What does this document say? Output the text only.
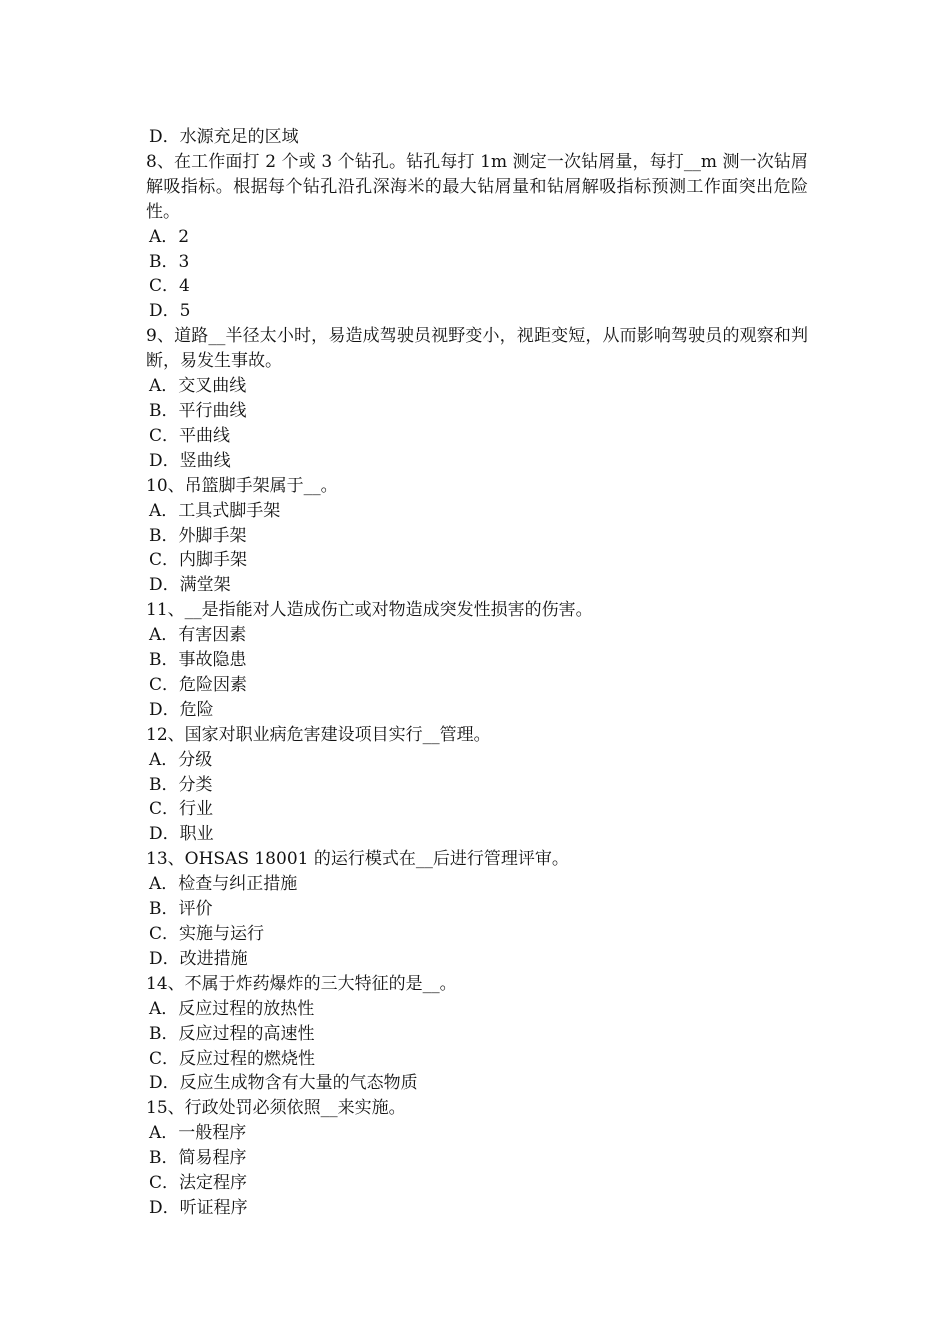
D．水源充足的区域
8、在工作面打 2 个或 3 个钻孔。钻孔每打 1m 测定一次钻屑量，每打__m 测一次钻屑解吸指标。根据每个钻孔沿孔深海米的最大钻屑量和钻屑解吸指标预测工作面突出危险性。
A．2
B．3
C．4
D．5
9、道路__半径太小时，易造成驾驶员视野变小，视距变短，从而影响驾驶员的观察和判断，易发生事故。
A．交叉曲线
B．平行曲线
C．平曲线
D．竖曲线
10、吊篮脚手架属于__。
A．工具式脚手架
B．外脚手架
C．内脚手架
D．满堂架
11、__是指能对人造成伤亡或对物造成突发性损害的伤害。
A．有害因素
B．事故隐患
C．危险因素
D．危险
12、国家对职业病危害建设项目实行__管理。
A．分级
B．分类
C．行业
D．职业
13、OHSAS 18001 的运行模式在__后进行管理评审。
A．检查与纠正措施
B．评价
C．实施与运行
D．改进措施
14、不属于炸药爆炸的三大特征的是__。
A．反应过程的放热性
B．反应过程的高速性
C．反应过程的燃烧性
D．反应生成物含有大量的气态物质
15、行政处罚必须依照__来实施。
A．一般程序
B．简易程序
C．法定程序
D．听证程序
